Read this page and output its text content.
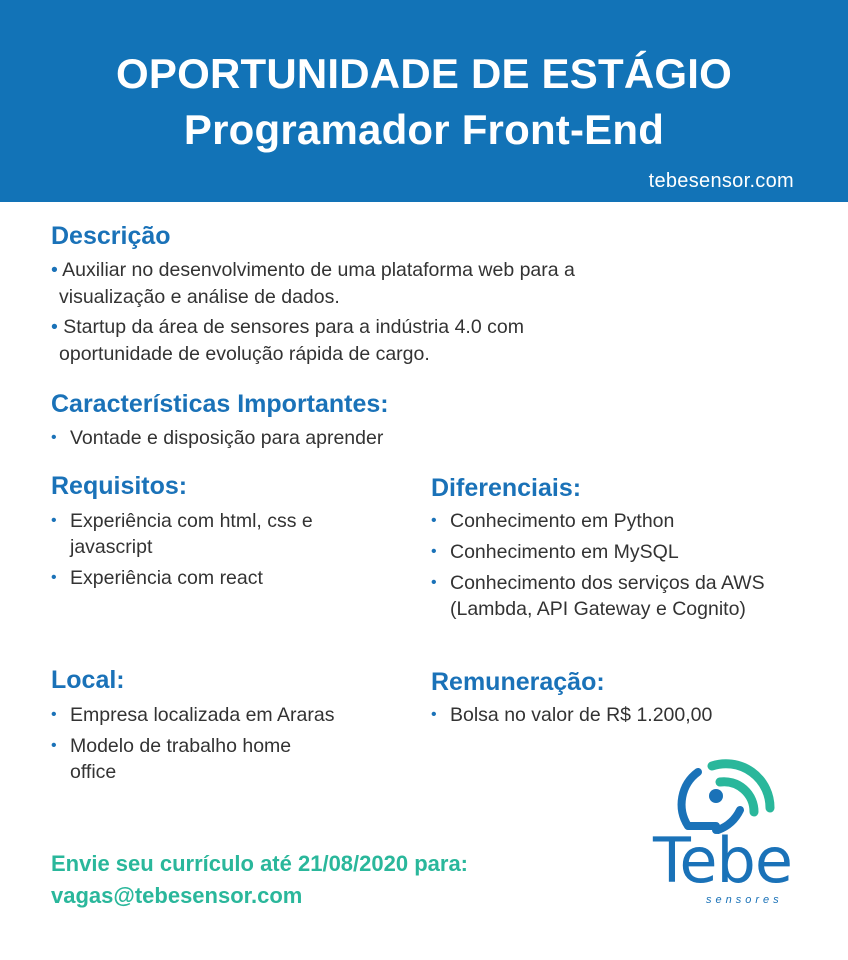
OPORTUNIDADE DE ESTÁGIO
Programador Front-End
tebesensor.com
Descrição
• Auxiliar no desenvolvimento de uma plataforma web para a
visualização e análise de dados.
• Startup da área de sensores para a indústria 4.0 com
oportunidade de evolução rápida de cargo.
Características Importantes:
• Vontade e disposição para aprender
Requisitos:
• Experiência com html, css e javascript
• Experiência com react
Diferenciais:
• Conhecimento em Python
• Conhecimento em MySQL
• Conhecimento dos serviços da AWS (Lambda, API Gateway e Cognito)
Local:
• Empresa localizada em Araras
• Modelo de trabalho home office
Remuneração:
• Bolsa no valor de R$ 1.200,00
Envie seu currículo até 21/08/2020 para:
vagas@tebesensor.com	Tebe
sensores
